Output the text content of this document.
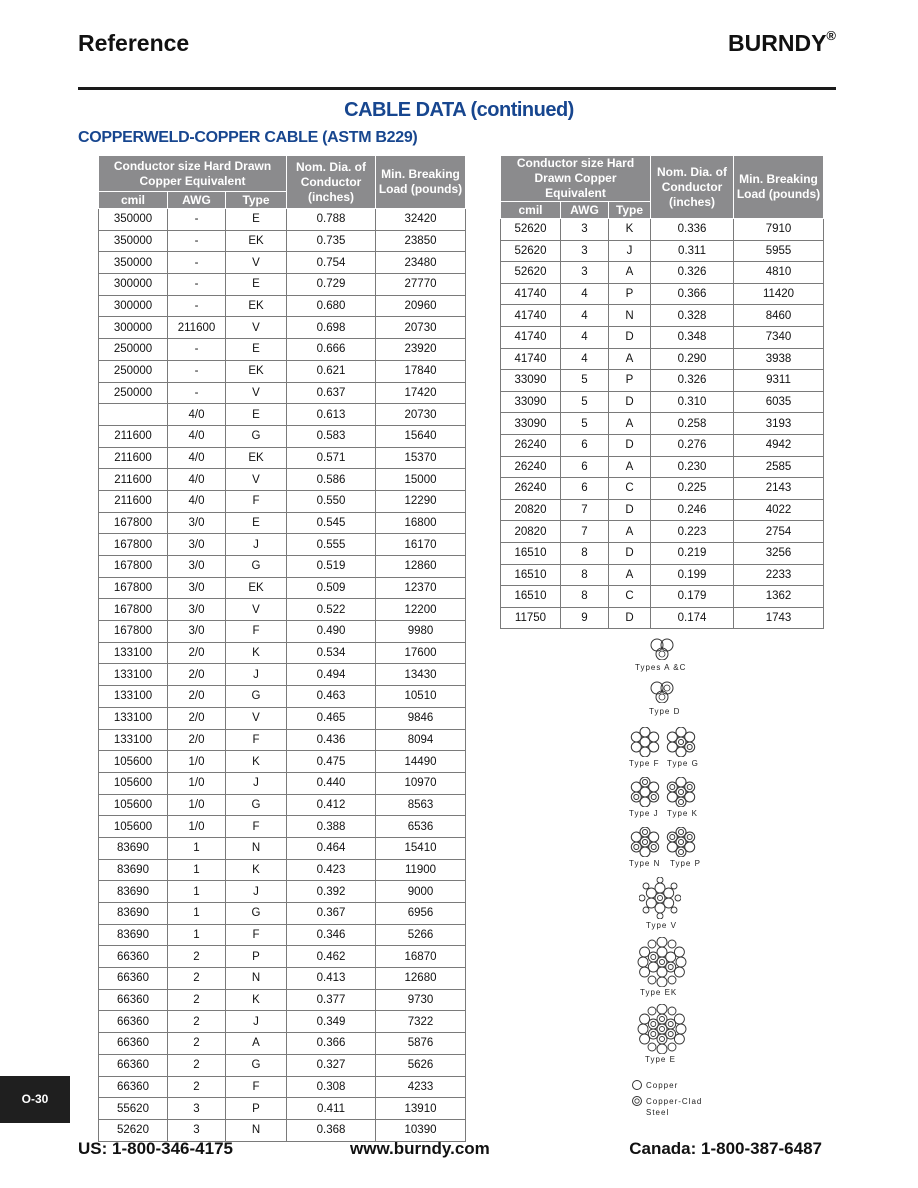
Reference	BURNDY®
CABLE DATA (continued)
COPPERWELD-COPPER CABLE (ASTM B229)
Conductor size Hard Drawn Copper Equivalent			Nom. Dia. of Conductor (inches)	Min. Breaking Load (pounds)
cmil	AWG	Type		
350000	-	E	0.788	32420
350000	-	EK	0.735	23850
350000	-	V	0.754	23480
300000	-	E	0.729	27770
300000	-	EK	0.680	20960
300000	211600	V	0.698	20730
250000	-	E	0.666	23920
250000	-	EK	0.621	17840
250000	-	V	0.637	17420
	4/0	E	0.613	20730
211600	4/0	G	0.583	15640
211600	4/0	EK	0.571	15370
211600	4/0	V	0.586	15000
211600	4/0	F	0.550	12290
167800	3/0	E	0.545	16800
167800	3/0	J	0.555	16170
167800	3/0	G	0.519	12860
167800	3/0	EK	0.509	12370
167800	3/0	V	0.522	12200
167800	3/0	F	0.490	9980
133100	2/0	K	0.534	17600
133100	2/0	J	0.494	13430
133100	2/0	G	0.463	10510
133100	2/0	V	0.465	9846
133100	2/0	F	0.436	8094
105600	1/0	K	0.475	14490
105600	1/0	J	0.440	10970
105600	1/0	G	0.412	8563
105600	1/0	F	0.388	6536
83690	1	N	0.464	15410
83690	1	K	0.423	11900
83690	1	J	0.392	9000
83690	1	G	0.367	6956
83690	1	F	0.346	5266
66360	2	P	0.462	16870
66360	2	N	0.413	12680
66360	2	K	0.377	9730
66360	2	J	0.349	7322
66360	2	A	0.366	5876
66360	2	G	0.327	5626
66360	2	F	0.308	4233
55620	3	P	0.411	13910
52620	3	N	0.368	10390
Conductor size Hard Drawn Copper Equivalent			Nom. Dia. of Conductor (inches)	Min. Breaking Load (pounds)
cmil	AWG	Type		
52620	3	K	0.336	7910
52620	3	J	0.311	5955
52620	3	A	0.326	4810
41740	4	P	0.366	11420
41740	4	N	0.328	8460
41740	4	D	0.348	7340
41740	4	A	0.290	3938
33090	5	P	0.326	9311
33090	5	D	0.310	6035
33090	5	A	0.258	3193
26240	6	D	0.276	4942
26240	6	A	0.230	2585
26240	6	C	0.225	2143
20820	7	D	0.246	4022
20820	7	A	0.223	2754
16510	8	D	0.219	3256
16510	8	A	0.199	2233
16510	8	C	0.179	1362
11750	9	D	0.174	1743
Types A &C
Type D
Type F Type G
Type J Type K
Type N Type P
Type V
Type EK
Type E
Copper
Copper-Clad
Steel
O-30
US: 1-800-346-4175	www.burndy.com	Canada: 1-800-387-6487
